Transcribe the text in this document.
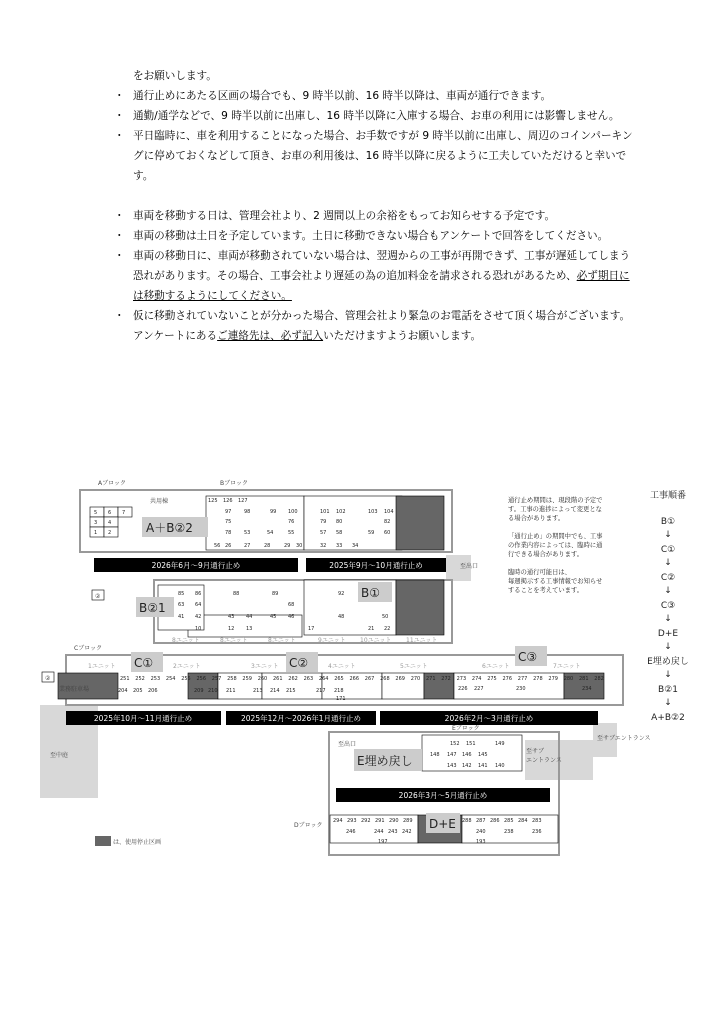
をお願いします。

・ 通行止めにあたる区画の場合でも、9 時半以前、16 時半以降は、車両が通行できます。

・ 通勤/通学などで、9 時半以前に出庫し、16 時半以降に入庫する場合、お車の利用には影響しません。

・ 平日臨時に、車を利用することになった場合、お手数ですが 9 時半以前に出庫し、周辺のコインパーキングに停めておくなどして頂き、お車の利用後は、16 時半以降に戻るように工夫していただけると幸いです。

・ 車両を移動する日は、管理会社より、2 週間以上の余裕をもってお知らせする予定です。

・ 車両の移動は土日を予定しています。土日に移動できない場合もアンケートで回答をしてください。

・ 車両の移動日に、車両が移動されていない場合は、翌週からの工事が再開できず、工事が遅延してしまう恐れがあります。その場合、工事会社より遅延の為の追加料金を請求される恐れがあるため、必ず期日には移動するようにしてください。

・ 仮に移動されていないことが分かった場合、管理会社より緊急のお電話をさせて頂く場合がございます。アンケートにあるご連絡先は、必ず記入いただけますようお願いします。

Aブロック	Bブロック
Cブロック
Dブロック
Eブロック
共用棟
至出口
至出口
至サブエントランス
至サブ
エントランス
至中庭
は、使用停止区画
②
②
業務駐車場
1ユニット	2ユニット	3ユニット	4ユニット	5ユニット	6ユニット	7ユニット
8ユニット	8ユニット	8ユニット	9ユニット 10ユニット 11ユニット
2026年6月～9月通行止め	2025年9月～10月通行止め
2025年10月～11月通行止め	2025年12月～2026年1月通行止め	2026年2月～3月通行止め
2026年3月～5月通行止め
A＋B②2
B②1
B①
C①	C②	C③
E埋め戻し
D+E
通行止め期間は、現段階の予定で
す。工事の進捗によって変更とな
る場合があります。
「通行止め」の期間中でも、工事
の作業内容によっては、臨時に通
行できる場合があります。
臨時の通行可能日は、
毎週掲示する工事情報でお知らせ
することを考えています。
工事順番
B①
↓
C①
↓
C②
↓
C③
↓
D+E
↓
E埋め戻し
↓
B②1
↓
A+B②2
5 6 7
3 4
1 2
125 126 127
97	98	99 100
75	76
78	53	54	55
56 26	27	28	29 30
101 102	103 104
79 80	82
57 58	59 60
32 33 34
85 86	88	89
63 64	68
41 42	43 44	45 46
10	12 13
92
48	50
17	21 22
251 252 253 254 255 256 257 258 259 260 261 262 263 264 265 266 267 268 269 270 271 272 273 274 275 276 277 278 279 280 281 282
204 205 206	209 210 211	213 214 215	217 218
171
226 227	230	234
152 151	149
148 147 146 145
143 142 141 140
294 293 292 291 290 289	288 287 286 285 284 283
246	244 243 242	240	238	236
197	193
